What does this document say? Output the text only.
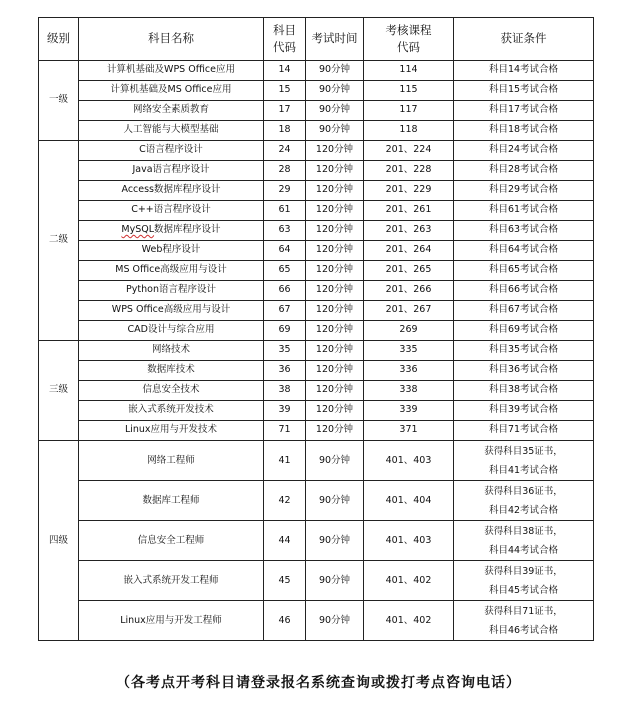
级别	科目名称	科目代码	考试时间	考核课程代码	获证条件
一级	计算机基础及WPS Office应用	14	90分钟	114	科目14考试合格
	计算机基础及MS Office应用	15	90分钟	115	科目15考试合格
	网络安全素质教育	17	90分钟	117	科目17考试合格
	人工智能与大模型基础	18	90分钟	118	科目18考试合格
二级	C语言程序设计	24	120分钟	201、224	科目24考试合格
	Java语言程序设计	28	120分钟	201、228	科目28考试合格
	Access数据库程序设计	29	120分钟	201、229	科目29考试合格
	C++语言程序设计	61	120分钟	201、261	科目61考试合格
	MySQL数据库程序设计	63	120分钟	201、263	科目63考试合格
	Web程序设计	64	120分钟	201、264	科目64考试合格
	MS Office高级应用与设计	65	120分钟	201、265	科目65考试合格
	Python语言程序设计	66	120分钟	201、266	科目66考试合格
	WPS Office高级应用与设计	67	120分钟	201、267	科目67考试合格
	CAD设计与综合应用	69	120分钟	269	科目69考试合格
三级	网络技术	35	120分钟	335	科目35考试合格
	数据库技术	36	120分钟	336	科目36考试合格
	信息安全技术	38	120分钟	338	科目38考试合格
	嵌入式系统开发技术	39	120分钟	339	科目39考试合格
	Linux应用与开发技术	71	120分钟	371	科目71考试合格
四级	网络工程师	41	90分钟	401、403	获得科目35证书，
科目41考试合格
	数据库工程师	42	90分钟	401、404	获得科目36证书，
科目42考试合格
	信息安全工程师	44	90分钟	401、403	获得科目38证书，
科目44考试合格
	嵌入式系统开发工程师	45	90分钟	401、402	获得科目39证书，
科目45考试合格
	Linux应用与开发工程师	46	90分钟	401、402	获得科目71证书，
科目46考试合格
（各考点开考科目请登录报名系统查询或拨打考点咨询电话）
